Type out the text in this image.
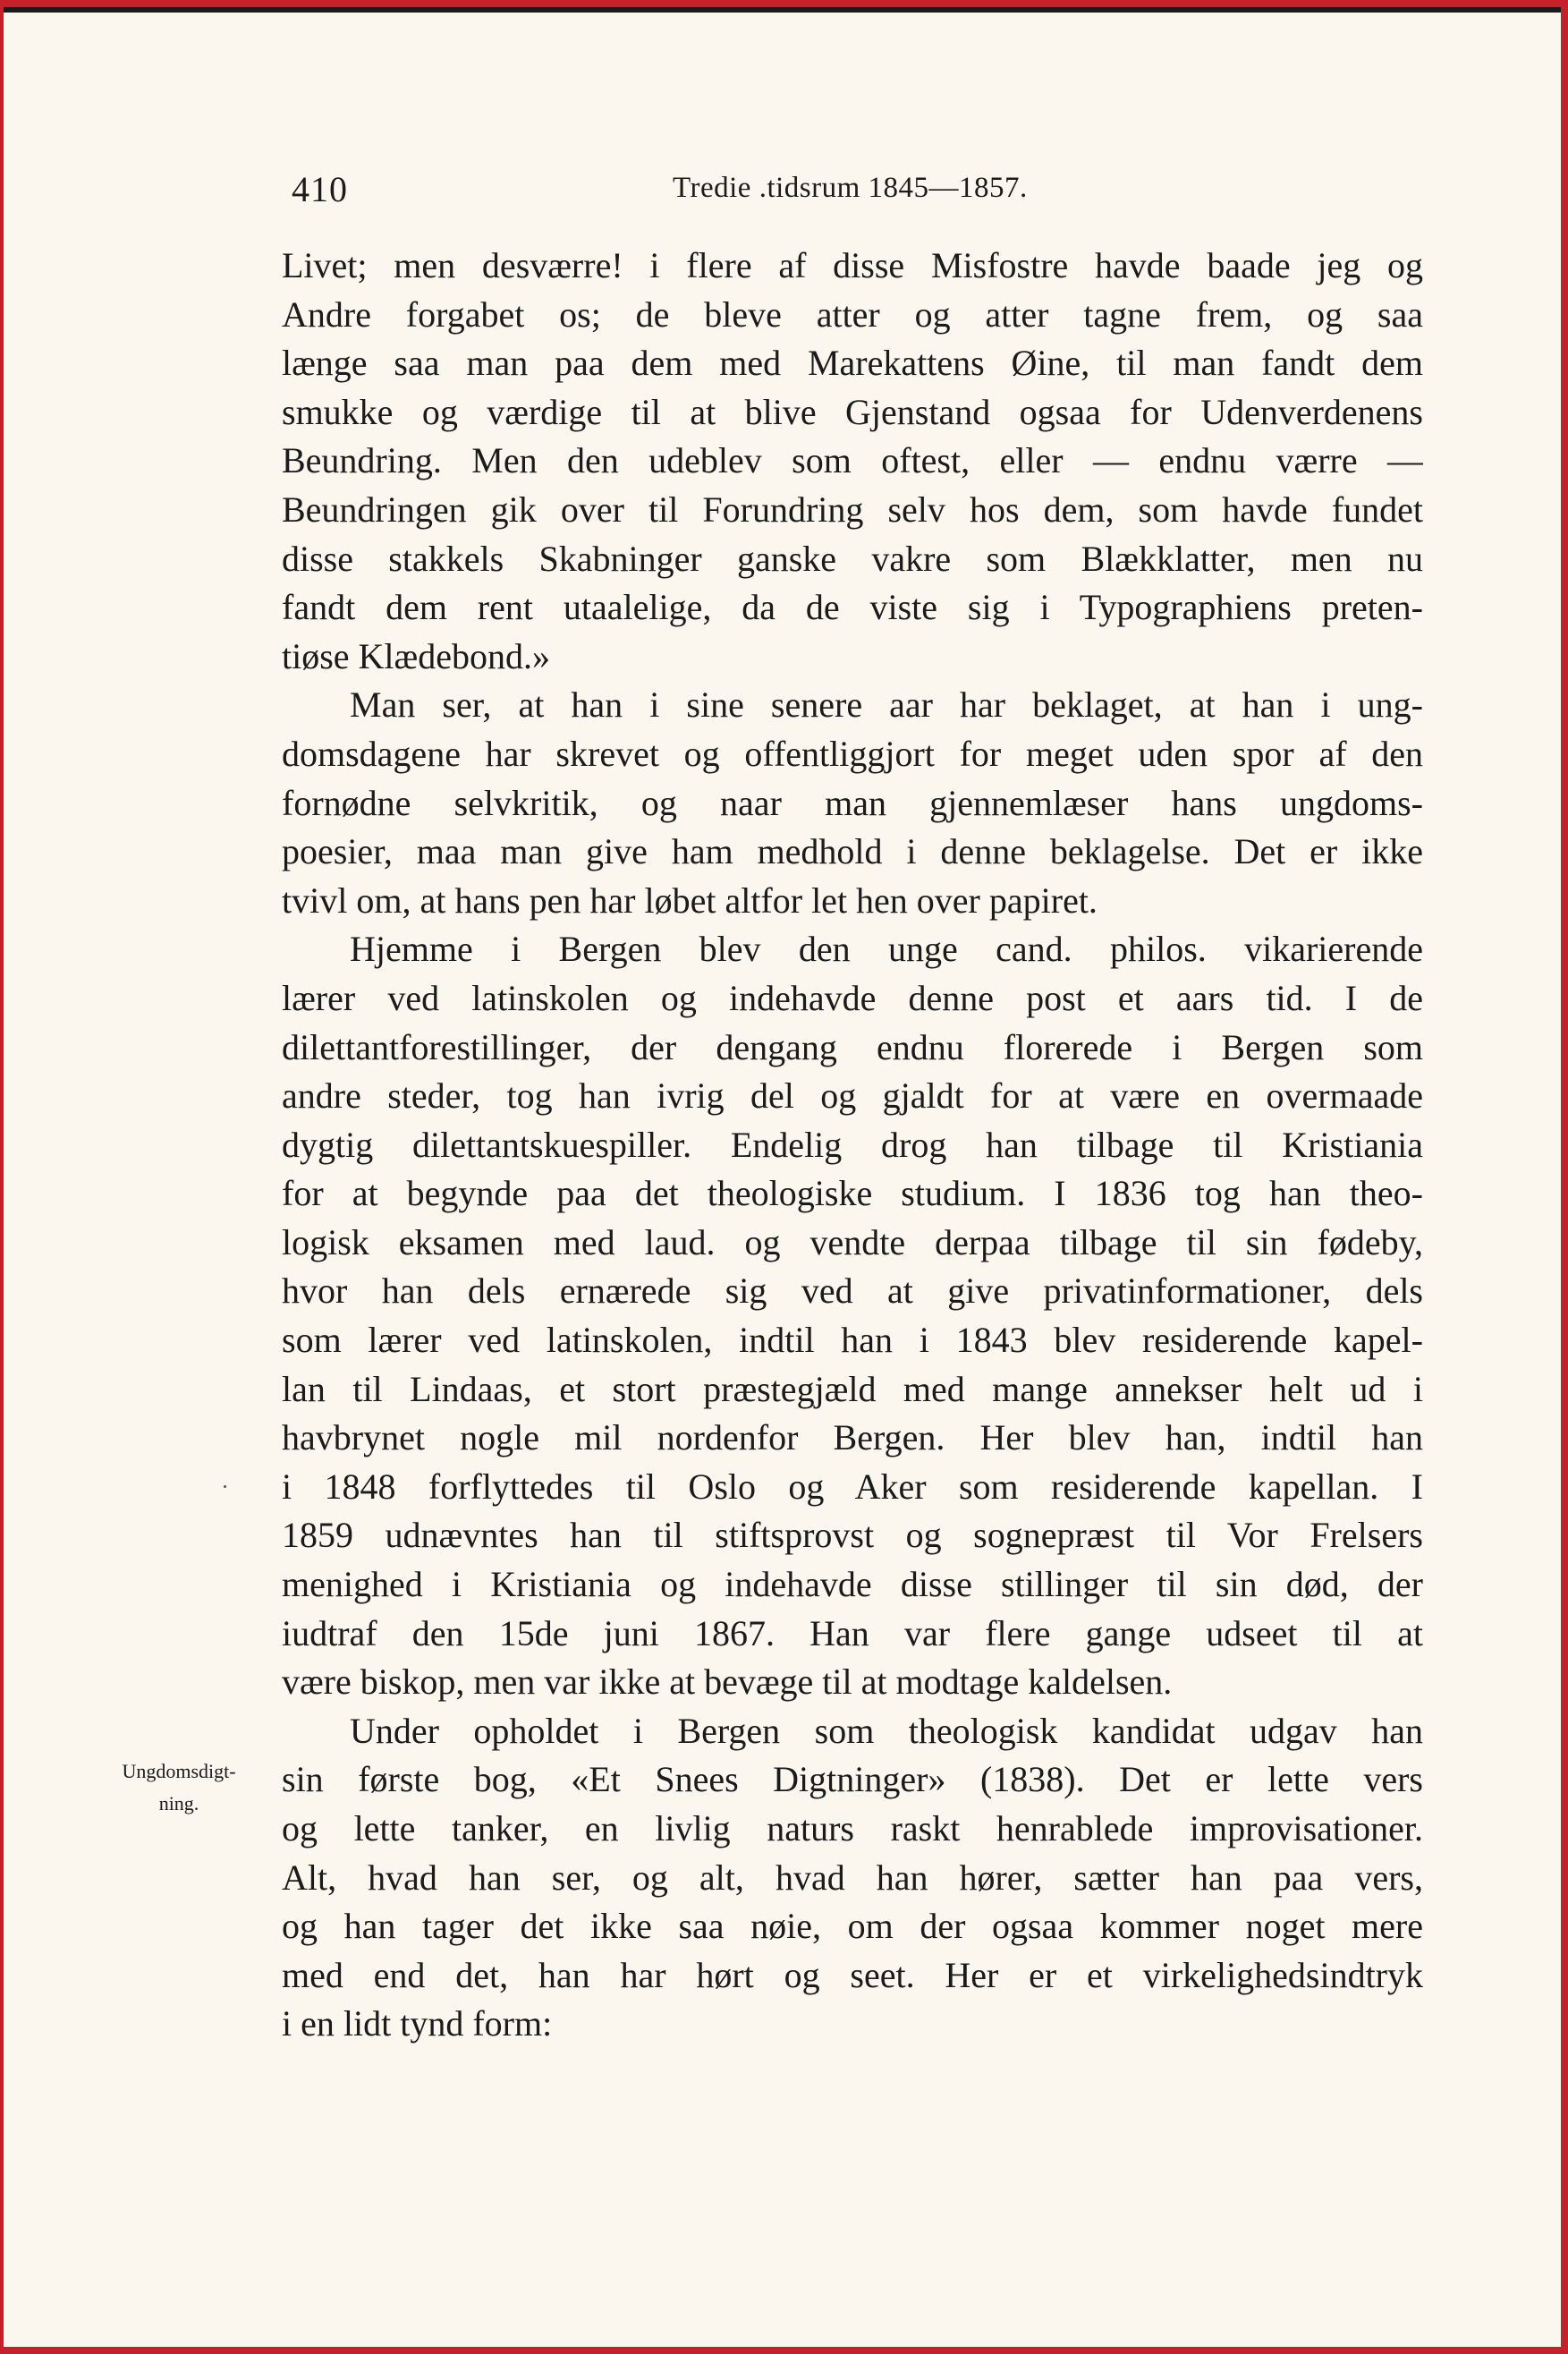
410	Tredie .tidsrum 1845—1857.
Ungdomsdigt-
ning.
Livet; men desværre! i flere af disse Misfostre havde baade jeg og
Andre forgabet os; de bleve atter og atter tagne frem, og saa
længe saa man paa dem med Marekattens Øine, til man fandt dem
smukke og værdige til at blive Gjenstand ogsaa for Udenverdenens
Beundring. Men den udeblev som oftest, eller — endnu værre —
Beundringen gik over til Forundring selv hos dem, som havde fundet
disse stakkels Skabninger ganske vakre som Blækklatter, men nu
fandt dem rent utaalelige, da de viste sig i Typographiens preten-
tiøse Klædebond.»
Man ser, at han i sine senere aar har beklaget, at han i ung-
domsdagene har skrevet og offentliggjort for meget uden spor af den
fornødne selvkritik, og naar man gjennemlæser hans ungdoms-
poesier, maa man give ham medhold i denne beklagelse. Det er ikke
tvivl om, at hans pen har løbet altfor let hen over papiret.
Hjemme i Bergen blev den unge cand. philos. vikarierende
lærer ved latinskolen og indehavde denne post et aars tid. I de
dilettantforestillinger, der dengang endnu florerede i Bergen som
andre steder, tog han ivrig del og gjaldt for at være en overmaade
dygtig dilettantskuespiller. Endelig drog han tilbage til Kristiania
for at begynde paa det theologiske studium. I 1836 tog han theo-
logisk eksamen med laud. og vendte derpaa tilbage til sin fødeby,
hvor han dels ernærede sig ved at give privatinformationer, dels
som lærer ved latinskolen, indtil han i 1843 blev residerende kapel-
lan til Lindaas, et stort præstegjæld med mange annekser helt ud i
havbrynet nogle mil nordenfor Bergen. Her blev han, indtil han
i 1848 forflyttedes til Oslo og Aker som residerende kapellan. I
1859 udnævntes han til stiftsprovst og sognepræst til Vor Frelsers
menighed i Kristiania og indehavde disse stillinger til sin død, der
iudtraf den 15de juni 1867. Han var flere gange udseet til at
være biskop, men var ikke at bevæge til at modtage kaldelsen.
Under opholdet i Bergen som theologisk kandidat udgav han
sin første bog, «Et Snees Digtninger» (1838). Det er lette vers
og lette tanker, en livlig naturs raskt henrablede improvisationer.
Alt, hvad han ser, og alt, hvad han hører, sætter han paa vers,
og han tager det ikke saa nøie, om der ogsaa kommer noget mere
med end det, han har hørt og seet. Her er et virkelighedsindtryk
i en lidt tynd form:
